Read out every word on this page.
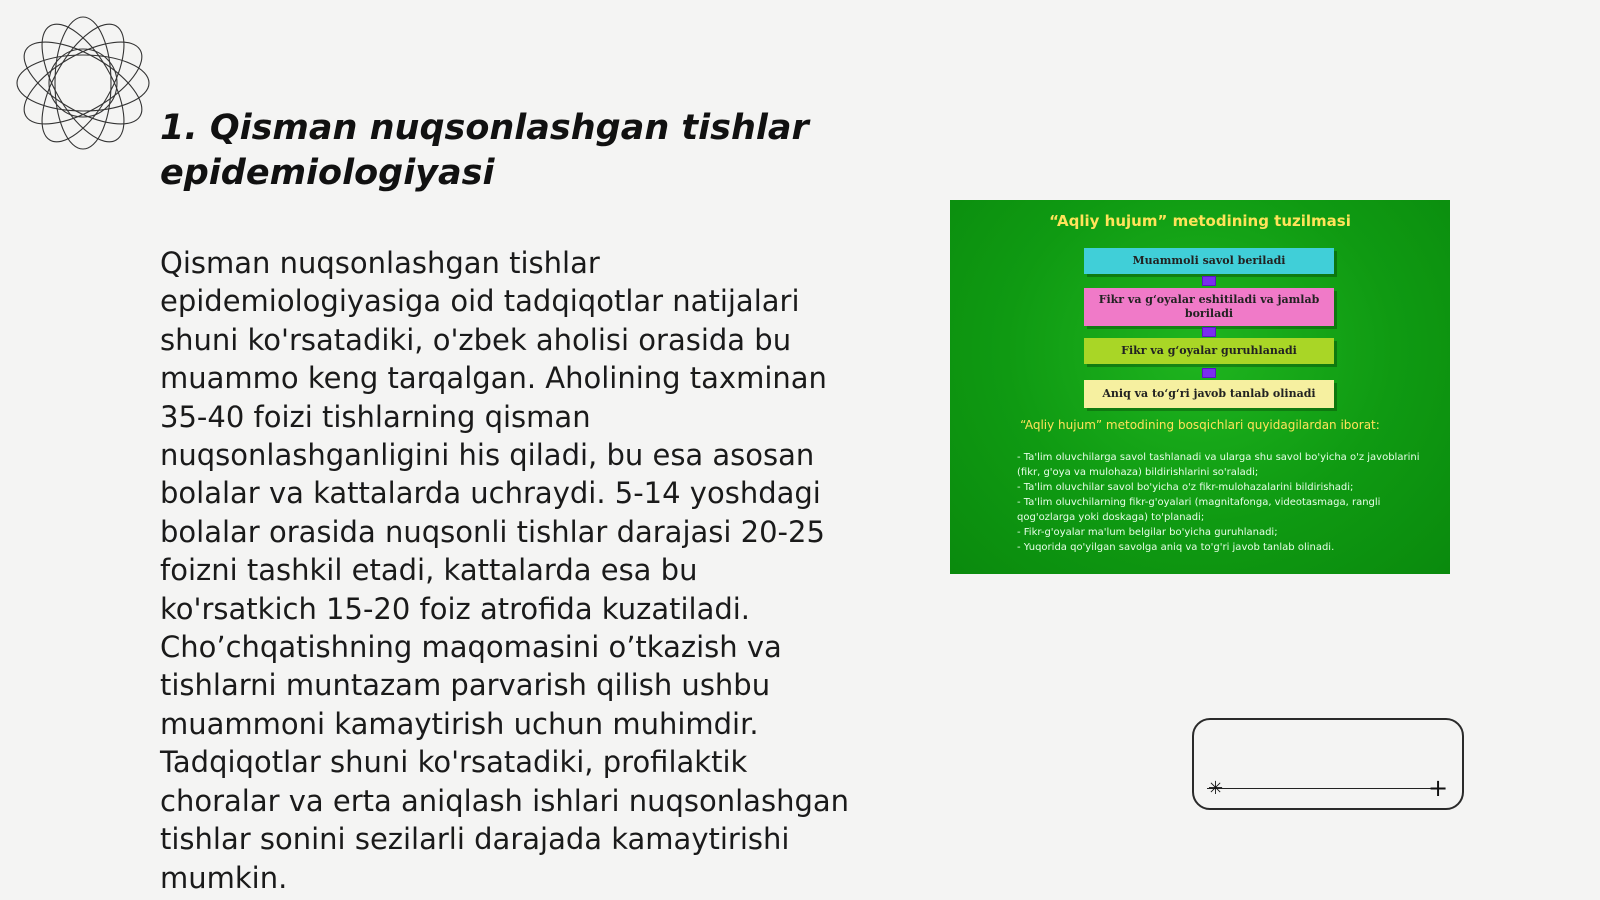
1. Qisman nuqsonlashgan tishlar epidemiologiyasi

Qisman nuqsonlashgan tishlar epidemiologiyasiga oid tadqiqotlar natijalari shuni ko'rsatadiki, o'zbek aholisi orasida bu muammo keng tarqalgan. Aholining taxminan 35-40 foizi tishlarning qisman nuqsonlashganligini his qiladi, bu esa asosan bolalar va kattalarda uchraydi. 5-14 yoshdagi bolalar orasida nuqsonli tishlar darajasi 20-25 foizni tashkil etadi, kattalarda esa bu ko'rsatkich 15-20 foiz atrofida kuzatiladi. Cho’chqatishning maqomasini o’tkazish va tishlarni muntazam parvarish qilish ushbu muammoni kamaytirish uchun muhimdir. Tadqiqotlar shuni ko'rsatadiki, profilaktik choralar va erta aniqlash ishlari nuqsonlashgan tishlar sonini sezilarli darajada kamaytirishi mumkin.

“Aqliy hujum” metodining tuzilmasi
Muammoli savol beriladi
Fikr va g‘oyalar eshitiladi va jamlab boriladi
Fikr va g‘oyalar guruhlanadi
Aniq va to‘g‘ri javob tanlab olinadi
“Aqliy hujum” metodining bosqichlari quyidagilardan iborat:
- Ta'lim oluvchilarga savol tashlanadi va ularga shu savol bo'yicha o'z javoblarini (fikr, g'oya va mulohaza) bildirishlarini so'raladi;
- Ta'lim oluvchilar savol bo'yicha o'z fikr-mulohazalarini bildirishadi;
- Ta'lim oluvchilarning fikr-g'oyalari (magnitafonga, videotasmaga, rangli qog'ozlarga yoki doskaga) to'planadi;
- Fikr-g'oyalar ma'lum belgilar bo'yicha guruhlanadi;
- Yuqorida qo'yilgan savolga aniq va to'g'ri javob tanlab olinadi.
✳	+
